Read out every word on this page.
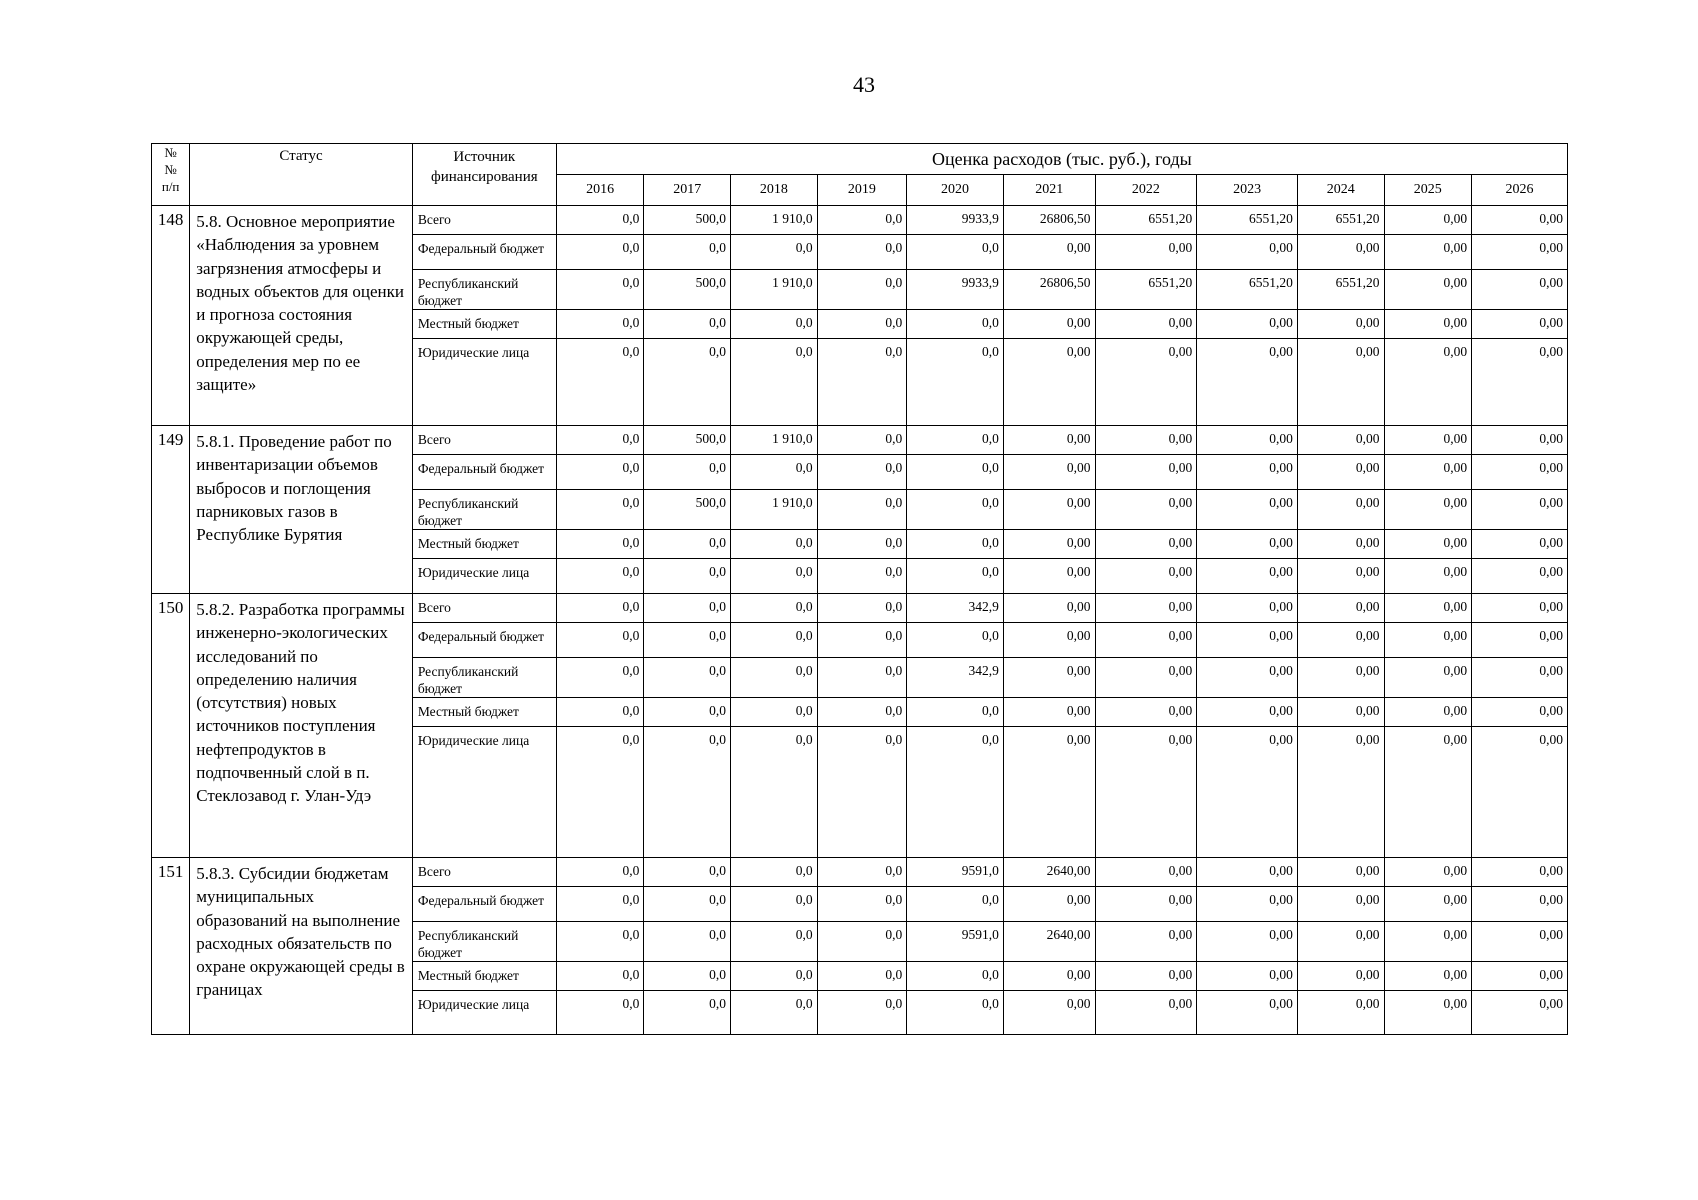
43
№
№
п/п	Статус	Источник финансирования	Оценка расходов (тыс. руб.), годы										
			2016	2017	2018	2019	2020	2021	2022	2023	2024	2025	2026
148	5.8. Основное мероприятие «Наблюдения за уровнем загрязнения атмосферы и водных объектов для оценки и прогноза состояния окружающей среды, определения мер по ее защите»	Всего	0,0	500,0	1 910,0	0,0	9933,9	26806,50	6551,20	6551,20	6551,20	0,00	0,00
		Федеральный бюджет	0,0	0,0	0,0	0,0	0,0	0,00	0,00	0,00	0,00	0,00	0,00
		Республиканский бюджет	0,0	500,0	1 910,0	0,0	9933,9	26806,50	6551,20	6551,20	6551,20	0,00	0,00
		Местный бюджет	0,0	0,0	0,0	0,0	0,0	0,00	0,00	0,00	0,00	0,00	0,00
		Юридические лица	0,0	0,0	0,0	0,0	0,0	0,00	0,00	0,00	0,00	0,00	0,00
149	5.8.1. Проведение работ по инвентаризации объемов выбросов и поглощения парниковых газов в Республике Бурятия	Всего	0,0	500,0	1 910,0	0,0	0,0	0,00	0,00	0,00	0,00	0,00	0,00
		Федеральный бюджет	0,0	0,0	0,0	0,0	0,0	0,00	0,00	0,00	0,00	0,00	0,00
		Республиканский бюджет	0,0	500,0	1 910,0	0,0	0,0	0,00	0,00	0,00	0,00	0,00	0,00
		Местный бюджет	0,0	0,0	0,0	0,0	0,0	0,00	0,00	0,00	0,00	0,00	0,00
		Юридические лица	0,0	0,0	0,0	0,0	0,0	0,00	0,00	0,00	0,00	0,00	0,00
150	5.8.2. Разработка программы инженерно-экологических исследований по определению наличия (отсутствия) новых источников поступления нефтепродуктов в подпочвенный слой в п. Стеклозавод г. Улан-Удэ	Всего	0,0	0,0	0,0	0,0	342,9	0,00	0,00	0,00	0,00	0,00	0,00
		Федеральный бюджет	0,0	0,0	0,0	0,0	0,0	0,00	0,00	0,00	0,00	0,00	0,00
		Республиканский бюджет	0,0	0,0	0,0	0,0	342,9	0,00	0,00	0,00	0,00	0,00	0,00
		Местный бюджет	0,0	0,0	0,0	0,0	0,0	0,00	0,00	0,00	0,00	0,00	0,00
		Юридические лица	0,0	0,0	0,0	0,0	0,0	0,00	0,00	0,00	0,00	0,00	0,00
151	5.8.3. Субсидии бюджетам муниципальных образований на выполнение расходных обязательств по охране окружающей среды в границах	Всего	0,0	0,0	0,0	0,0	9591,0	2640,00	0,00	0,00	0,00	0,00	0,00
		Федеральный бюджет	0,0	0,0	0,0	0,0	0,0	0,00	0,00	0,00	0,00	0,00	0,00
		Республиканский бюджет	0,0	0,0	0,0	0,0	9591,0	2640,00	0,00	0,00	0,00	0,00	0,00
		Местный бюджет	0,0	0,0	0,0	0,0	0,0	0,00	0,00	0,00	0,00	0,00	0,00
		Юридические лица	0,0	0,0	0,0	0,0	0,0	0,00	0,00	0,00	0,00	0,00	0,00
